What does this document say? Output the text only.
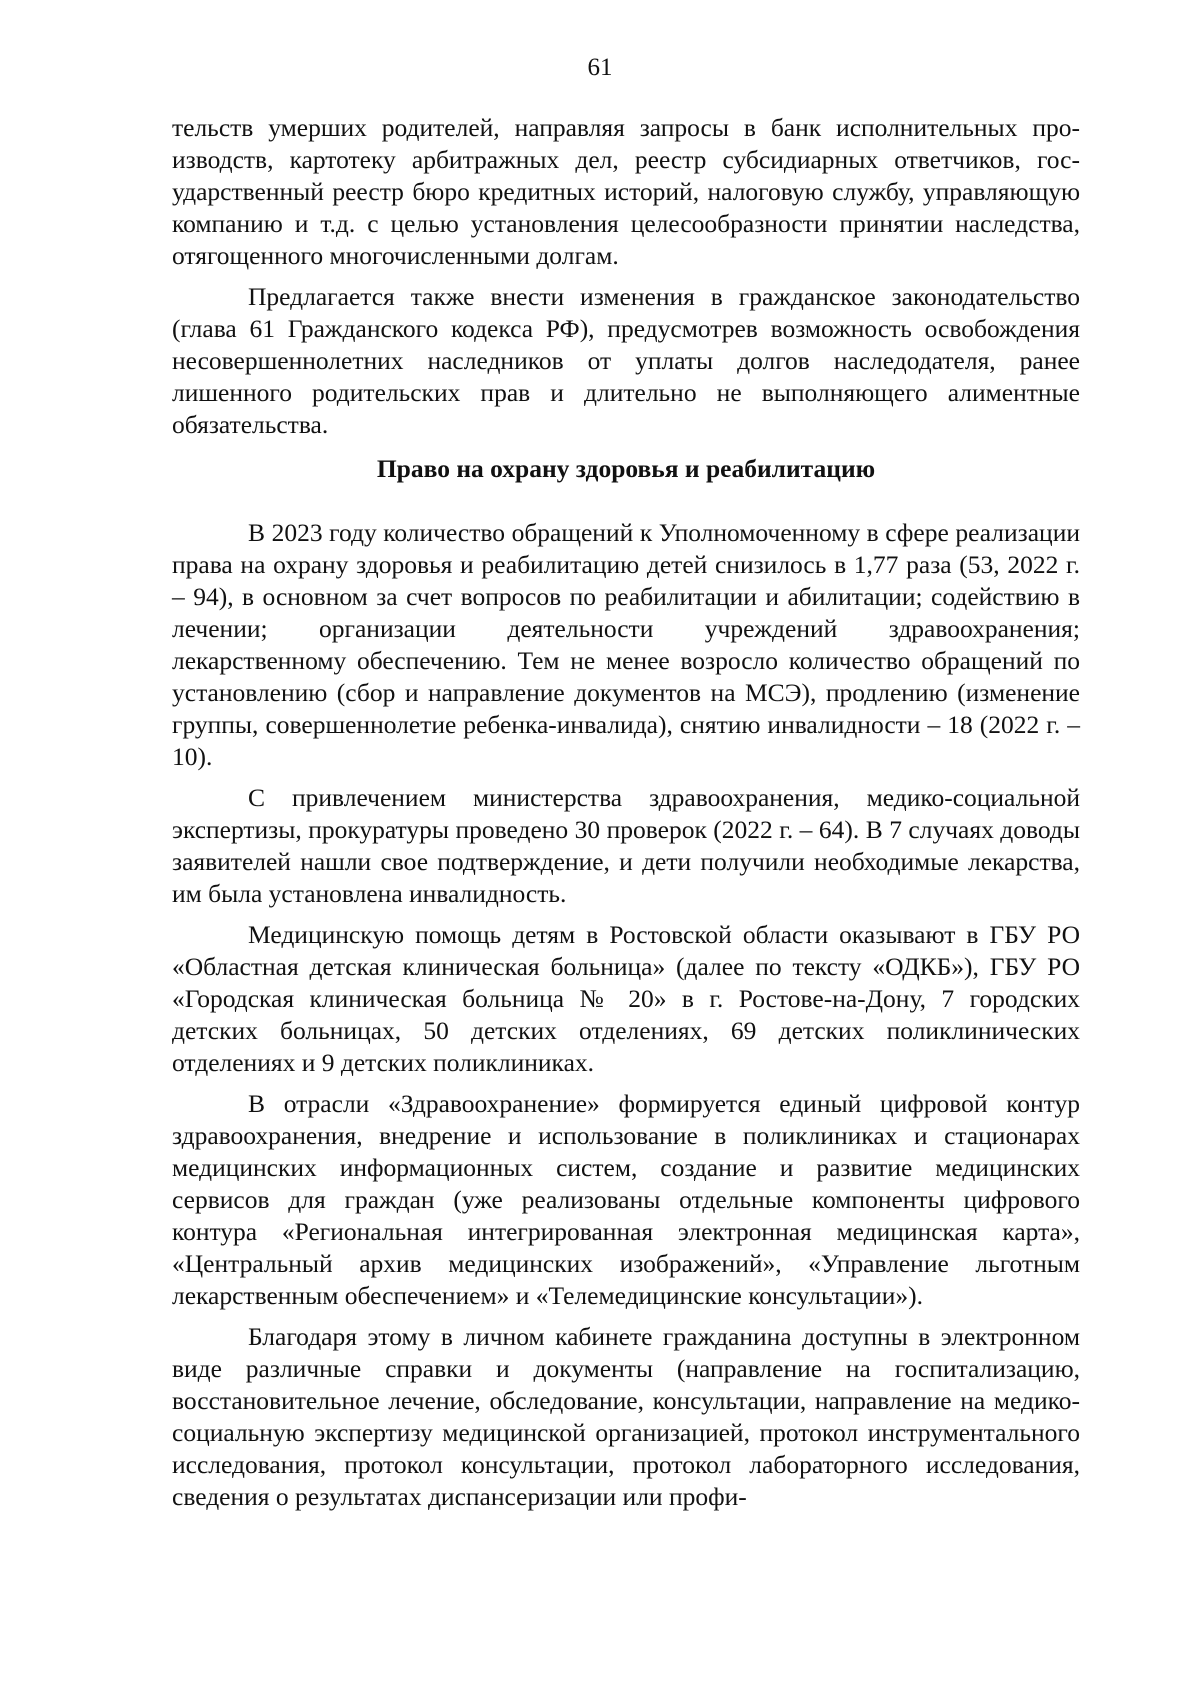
61

тельств умерших родителей, направляя запросы в банк исполнительных производств, картотеку арбитражных дел, реестр субсидиарных ответчиков, государственный реестр бюро кредитных историй, налоговую службу, управляющую компанию и т.д. с целью установления целесообразности принятии наследства, отягощенного многочисленными долгам.

Предлагается также внести изменения в гражданское законодательство (глава 61 Гражданского кодекса РФ), предусмотрев возможность освобождения несовершеннолетних наследников от уплаты долгов наследодателя, ранее лишенного родительских прав и длительно не выполняющего алиментные обязательства.

Право на охрану здоровья и реабилитацию

В 2023 году количество обращений к Уполномоченному в сфере реализации права на охрану здоровья и реабилитацию детей снизилось в 1,77 раза (53, 2022 г. – 94), в основном за счет вопросов по реабилитации и абилитации; содействию в лечении; организации деятельности учреждений здравоохранения; лекарственному обеспечению. Тем не менее возросло количество обращений по установлению (сбор и направление документов на МСЭ), продлению (изменение группы, совершеннолетие ребенка-инвалида), снятию инвалидности – 18 (2022 г. – 10).

С привлечением министерства здравоохранения, медико-социальной экспертизы, прокуратуры проведено 30 проверок (2022 г. – 64). В 7 случаях доводы заявителей нашли свое подтверждение, и дети получили необходимые лекарства, им была установлена инвалидность.

Медицинскую помощь детям в Ростовской области оказывают в ГБУ РО «Областная детская клиническая больница» (далее по тексту «ОДКБ»), ГБУ РО «Городская клиническая больница № 20» в г. Ростове-на-Дону, 7 городских детских больницах, 50 детских отделениях, 69 детских поликлинических отделениях и 9 детских поликлиниках.

В отрасли «Здравоохранение» формируется единый цифровой контур здравоохранения, внедрение и использование в поликлиниках и стационарах медицинских информационных систем, создание и развитие медицинских сервисов для граждан (уже реализованы отдельные компоненты цифрового контура «Региональная интегрированная электронная медицинская карта», «Центральный архив медицинских изображений», «Управление льготным лекарственным обеспечением» и «Телемедицинские консультации»).

Благодаря этому в личном кабинете гражданина доступны в электронном виде различные справки и документы (направление на госпитализацию, восстановительное лечение, обследование, консультации, направление на медико-социальную экспертизу медицинской организацией, протокол инструментального исследования, протокол консультации, протокол лабораторного исследования, сведения о результатах диспансеризации или профи-
